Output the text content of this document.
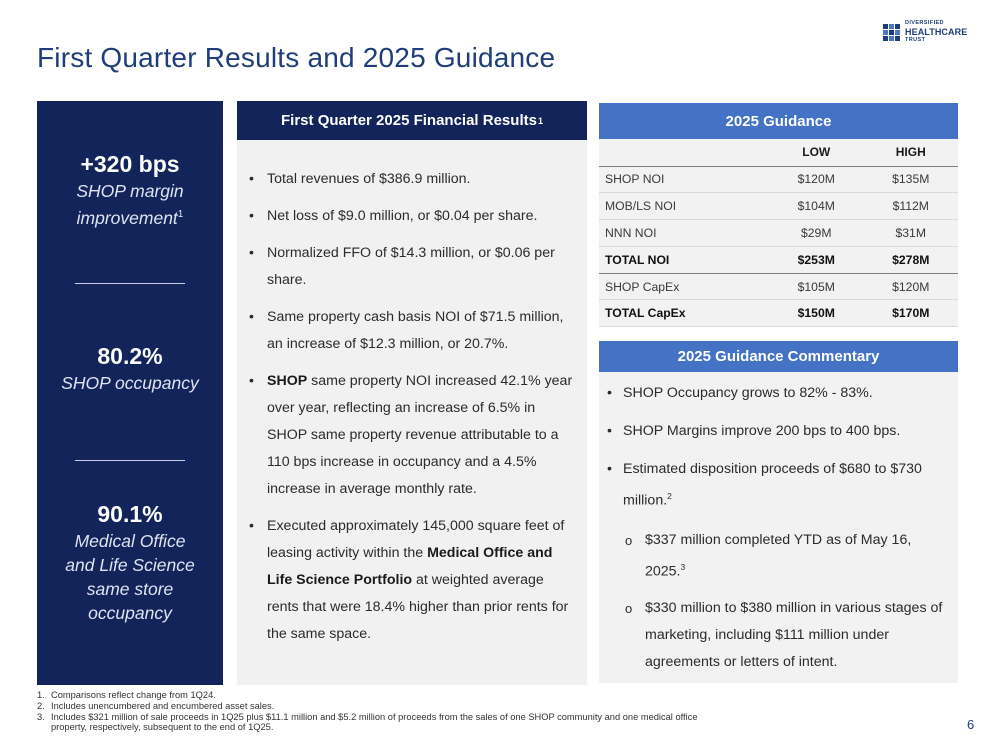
First Quarter Results and 2025 Guidance
DIVERSIFIED
HEALTHCARE
TRUST
+320 bps
SHOP margin
improvement$^1$
80.2%
SHOP occupancy
90.1%
Medical Office
and Life Science
same store
occupancy
First Quarter 2025 Financial Results 1
• Total revenues of $386.9 million.
• Net loss of $9.0 million, or $0.04 per share.
• Normalized FFO of $14.3 million, or $0.06 per share.
• Same property cash basis NOI of $71.5 million, an increase of $12.3 million, or 20.7%.
• SHOP same property NOI increased 42.1% year over year, reflecting an increase of 6.5% in SHOP same property revenue attributable to a 110 bps increase in occupancy and a 4.5% increase in average monthly rate.
• Executed approximately 145,000 square feet of leasing activity within the Medical Office and Life Science Portfolio at weighted average rents that were 18.4% higher than prior rents for the same space.
2025 Guidance
	LOW	HIGH
SHOP NOI	$120M	$135M
MOB/LS NOI	$104M	$112M
NNN NOI	$29M	$31M
TOTAL NOI	$253M	$278M
SHOP CapEx	$105M	$120M
TOTAL CapEx	$150M	$170M
2025 Guidance Commentary
• SHOP Occupancy grows to 82% - 83%.
• SHOP Margins improve 200 bps to 400 bps.
• Estimated disposition proceeds of $680 to $730 million.$^2$
o $337 million completed YTD as of May 16, 2025.$^3$
o $330 million to $380 million in various stages of marketing, including $111 million under agreements or letters of intent.
1. Comparisons reflect change from 1Q24.
2. Includes unencumbered and encumbered asset sales.
3. Includes $321 million of sale proceeds in 1Q25 plus $11.1 million and $5.2 million of proceeds from the sales of one SHOP community and one medical office property, respectively, subsequent to the end of 1Q25.	6
